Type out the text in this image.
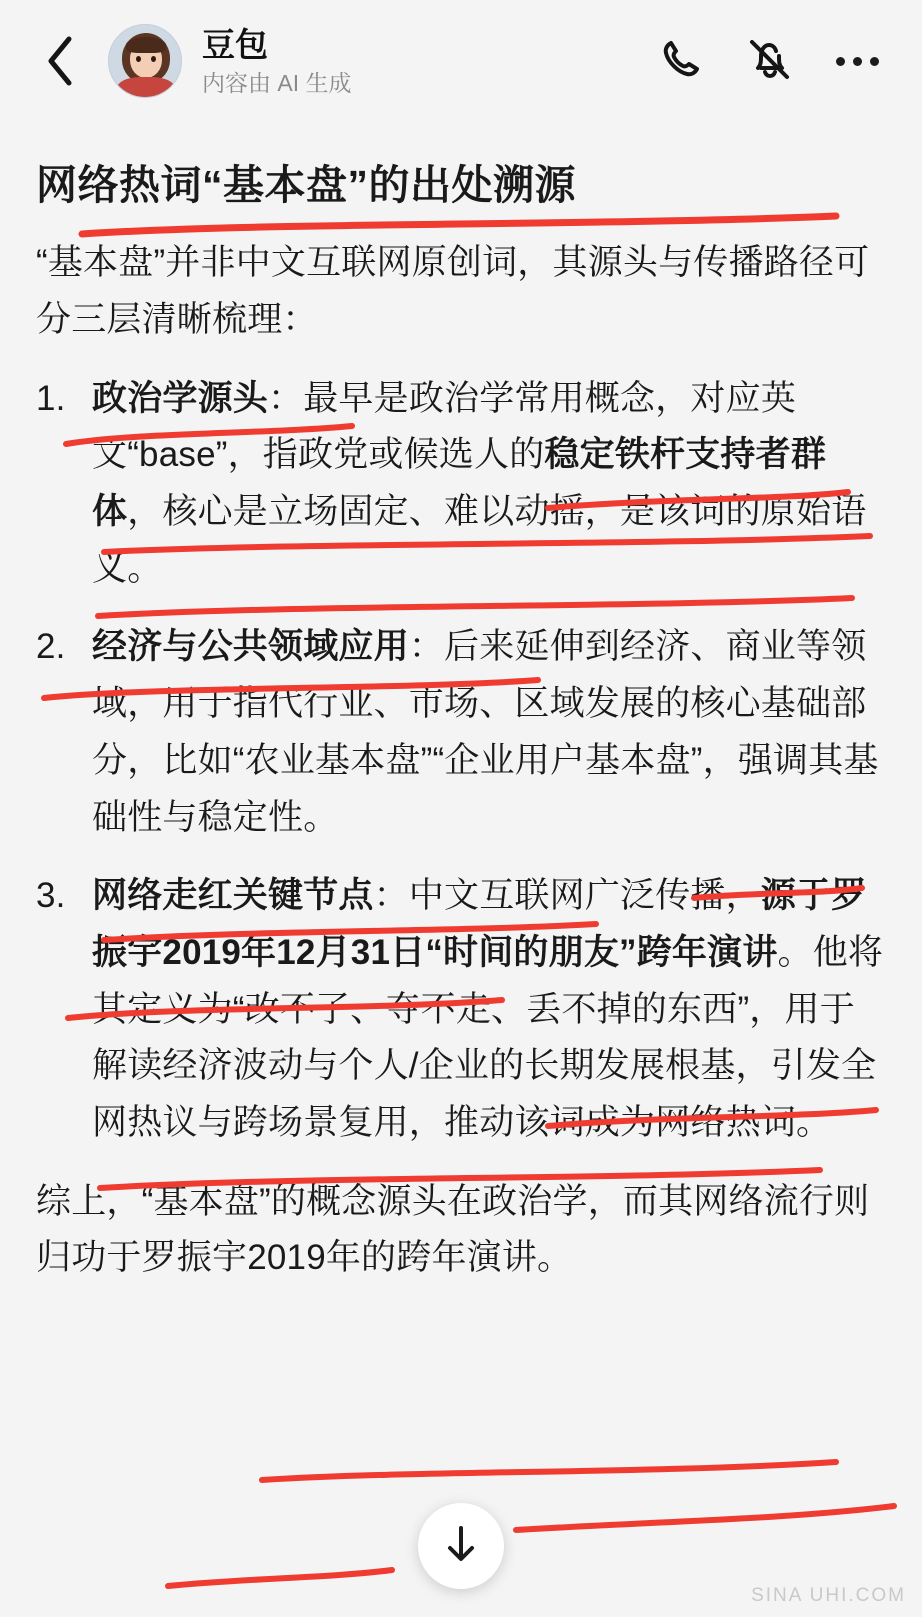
豆包
内容由 AI 生成
网络热词“基本盘”的出处溯源

“基本盘”并非中文互联网原创词，其源头与传播路径可分三层清晰梳理：

1. 政治学源头：最早是政治学常用概念，对应英文“base”，指政党或候选人的稳定铁杆支持者群体，核心是立场固定、难以动摇，是该词的原始语义。
2. 经济与公共领域应用：后来延伸到经济、商业等领域，用于指代行业、市场、区域发展的核心基础部分，比如“农业基本盘”“企业用户基本盘”，强调其基础性与稳定性。
3. 网络走红关键节点：中文互联网广泛传播，源于罗振宇2019年12月31日“时间的朋友”跨年演讲。他将其定义为“改不了、夺不走、丢不掉的东西”，用于解读经济波动与个人/企业的长期发展根基，引发全网热议与跨场景复用，推动该词成为网络热词。

综上，“基本盘”的概念源头在政治学，而其网络流行则归功于罗振宇2019年的跨年演讲。

SINA UHI.COM
